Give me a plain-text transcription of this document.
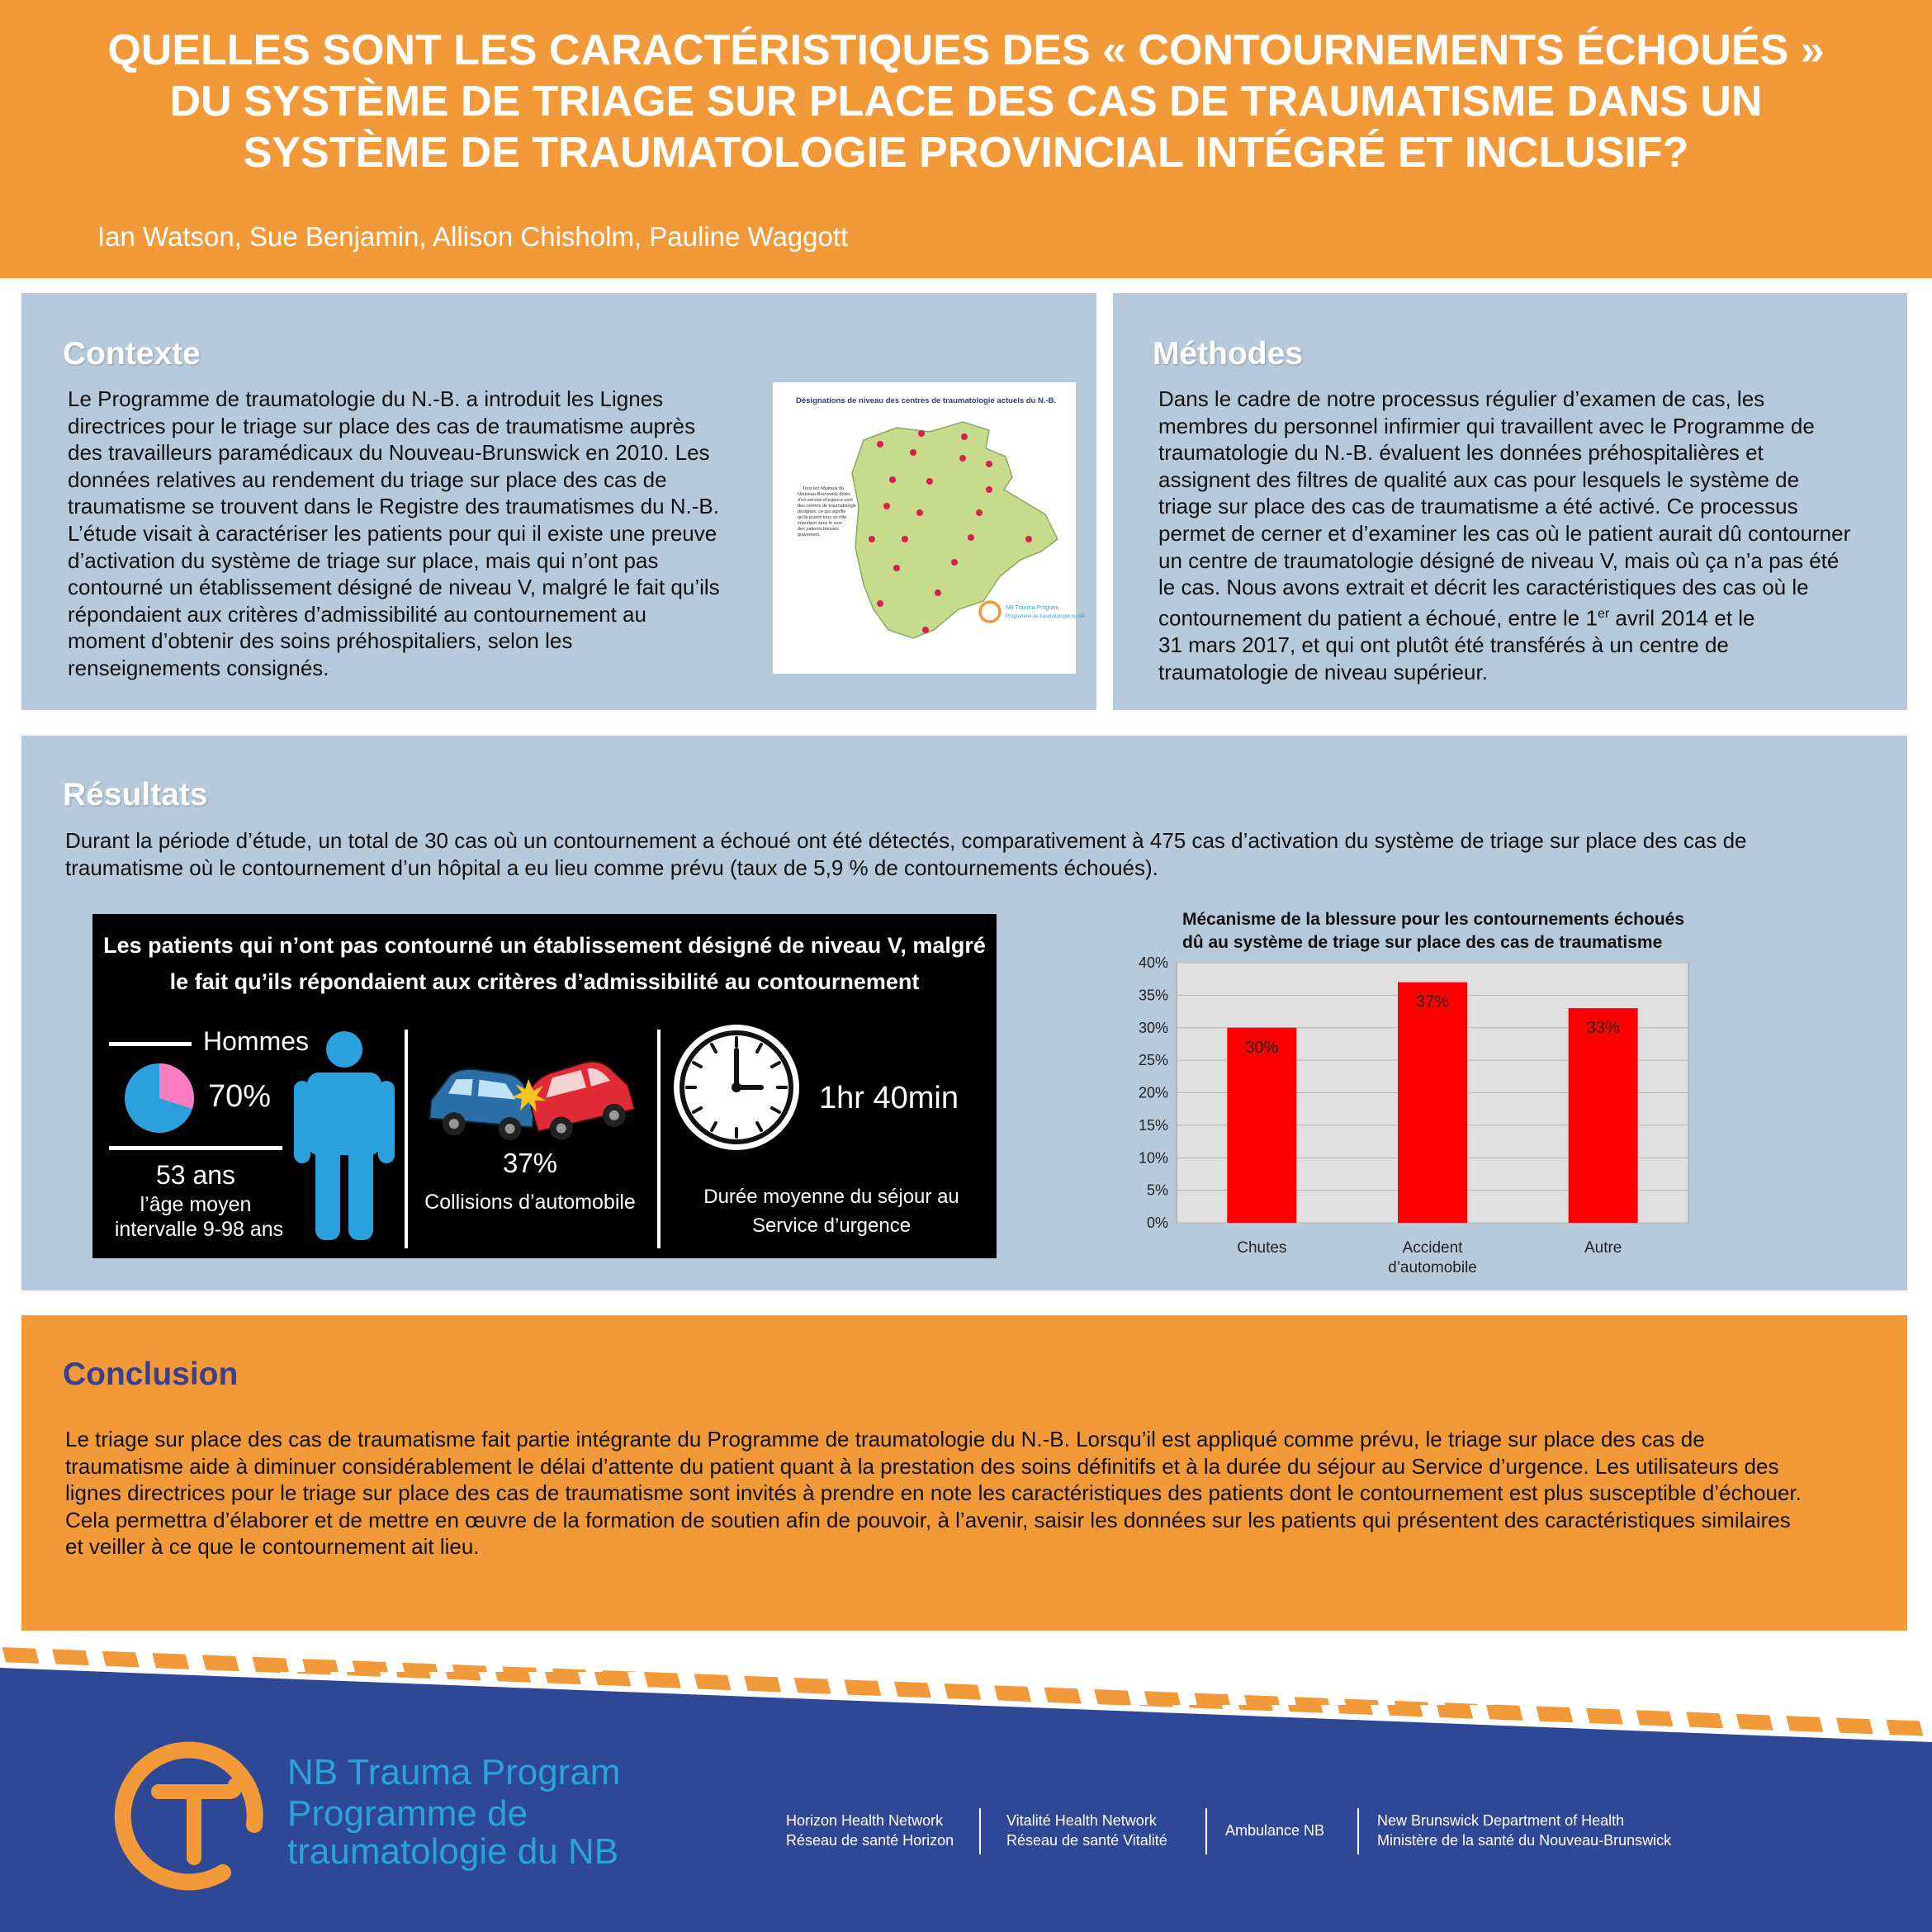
QUELLES SONT LES CARACTÉRISTIQUES DES « CONTOURNEMENTS ÉCHOUÉS »
DU SYSTÈME DE TRIAGE SUR PLACE DES CAS DE TRAUMATISME DANS UN
SYSTÈME DE TRAUMATOLOGIE PROVINCIAL INTÉGRÉ ET INCLUSIF?
Ian Watson, Sue Benjamin, Allison Chisholm, Pauline Waggott
Contexte
Le Programme de traumatologie du N.-B. a introduit les Lignes
directrices pour le triage sur place des cas de traumatisme auprès
des travailleurs paramédicaux du Nouveau-Brunswick en 2010. Les
données relatives au rendement du triage sur place des cas de
traumatisme se trouvent dans le Registre des traumatismes du N.-B.
L’étude visait à caractériser les patients pour qui il existe une preuve
d’activation du système de triage sur place, mais qui n’ont pas
contourné un établissement désigné de niveau V, malgré le fait qu’ils
répondaient aux critères d’admissibilité au contournement au
moment d’obtenir des soins préhospitaliers, selon les
renseignements consignés.
Désignations de niveau des centres de traumatologie actuels du N.-B.
Tous les hôpitaux du Nouveau-Brunswick dotés d’un service d’urgence sont des centres de traumatologie désignés, ce qui signifie qu’ils jouent tous un rôle important dans le soin des patients blessés gravement.
NB Trauma Program
Programme de traumatologie du NB
Méthodes
Dans le cadre de notre processus régulier d’examen de cas, les
membres du personnel infirmier qui travaillent avec le Programme de
traumatologie du N.-B. évaluent les données préhospitalières et
assignent des filtres de qualité aux cas pour lesquels le système de
triage sur place des cas de traumatisme a été activé. Ce processus
permet de cerner et d’examiner les cas où le patient aurait dû contourner
un centre de traumatologie désigné de niveau V, mais où ça n’a pas été
le cas. Nous avons extrait et décrit les caractéristiques des cas où le
contournement du patient a échoué, entre le 1er avril 2014 et le
31 mars 2017, et qui ont plutôt été transférés à un centre de
traumatologie de niveau supérieur.
Résultats
Durant la période d’étude, un total de 30 cas où un contournement a échoué ont été détectés, comparativement à 475 cas d’activation du système de triage sur place des cas de
traumatisme où le contournement d’un hôpital a eu lieu comme prévu (taux de 5,9 % de contournements échoués).
Les patients qui n’ont pas contourné un établissement désigné de niveau V, malgré
le fait qu’ils répondaient aux critères d’admissibilité au contournement
Hommes
70%
53 ans
l’âge moyen
intervalle 9-98 ans
37%
Collisions d’automobile
1hr 40min
Durée moyenne du séjour au
Service d’urgence
Mécanisme de la blessure pour les contournements échoués
dû au système de triage sur place des cas de traumatisme
0%
5%
10%
15%
20%
25%
30%
35%
40%
30%
Chutes
37%
Accident
d’automobile
33%
Autre
Conclusion
Le triage sur place des cas de traumatisme fait partie intégrante du Programme de traumatologie du N.-B. Lorsqu’il est appliqué comme prévu, le triage sur place des cas de
traumatisme aide à diminuer considérablement le délai d’attente du patient quant à la prestation des soins définitifs et à la durée du séjour au Service d’urgence. Les utilisateurs des
lignes directrices pour le triage sur place des cas de traumatisme sont invités à prendre en note les caractéristiques des patients dont le contournement est plus susceptible d’échouer.
Cela permettra d’élaborer et de mettre en œuvre de la formation de soutien afin de pouvoir, à l’avenir, saisir les données sur les patients qui présentent des caractéristiques similaires
et veiller à ce que le contournement ait lieu.
NB Trauma Program
Programme de
traumatologie du NB
Horizon Health Network
Réseau de santé Horizon
Vitalité Health Network
Réseau de santé Vitalité
Ambulance NB
New Brunswick Department of Health
Ministère de la santé du Nouveau-Brunswick
